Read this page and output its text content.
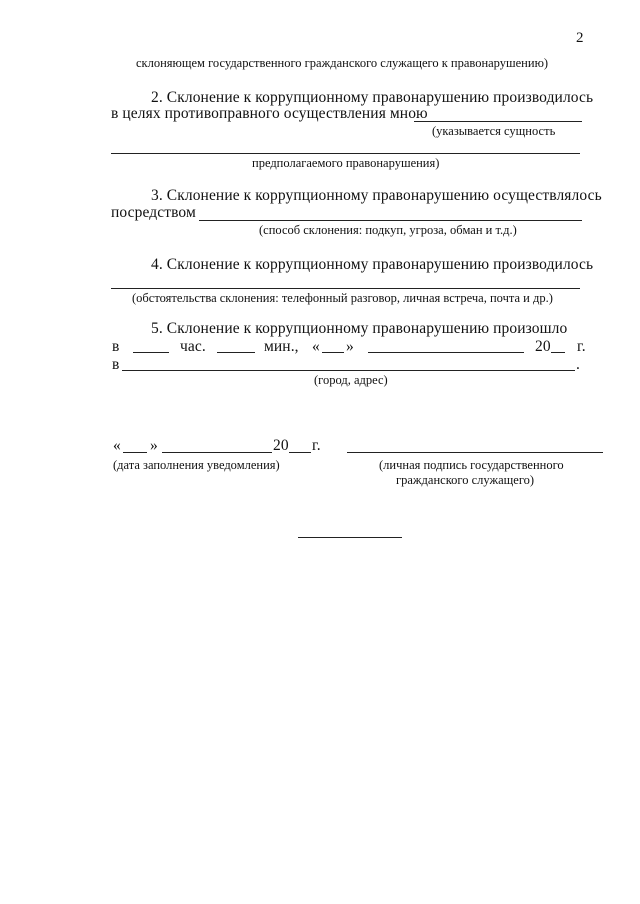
2
склоняющем государственного гражданского служащего к правонарушению)
2. Склонение к коррупционному правонарушению производилось
в целях противоправного осуществления мною
(указывается сущность
предполагаемого правонарушения)
3. Склонение к коррупционному правонарушению осуществлялось
посредством
(способ склонения: подкуп, угроза, обман и т.д.)
4. Склонение к коррупционному правонарушению производилось
(обстоятельства склонения: телефонный разговор, личная встреча, почта и др.)
5. Склонение к коррупционному правонарушению произошло
в	час.	мин., « »	20 г.
в	.
(город, адрес)
« »	20 г.
(дата заполнения уведомления)	(личная подпись государственного
гражданского служащего)
